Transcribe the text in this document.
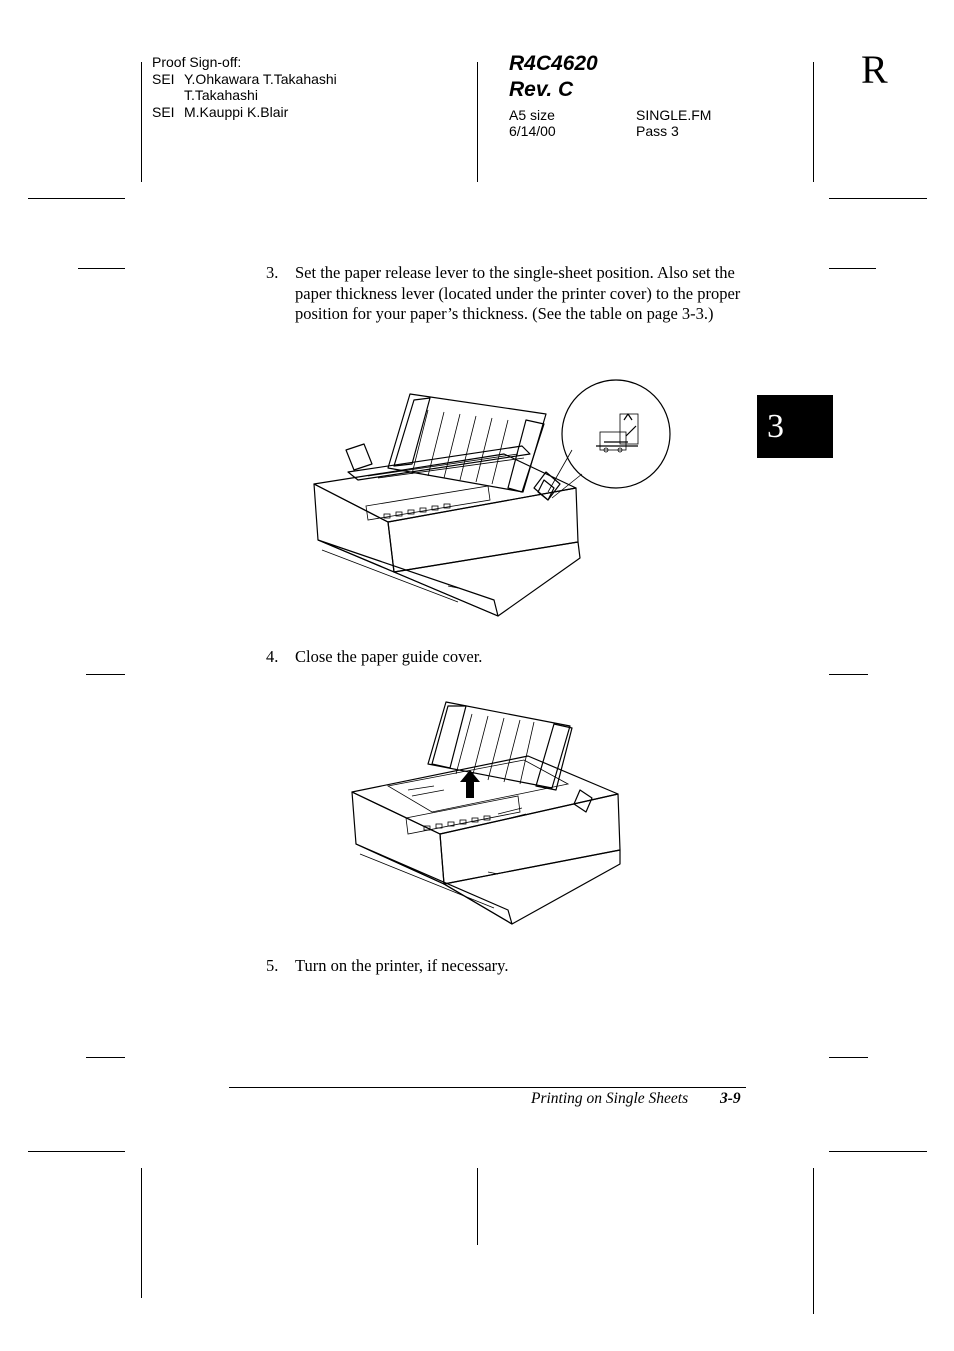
Proof Sign-off:
SEI Y.Ohkawara T.Takahashi
T.Takahashi
SEI M.Kauppi K.Blair
R4C4620
Rev. C
A5 size
6/14/00
SINGLE.FM
Pass 3
R
3
3. Set the paper release lever to the single-sheet position. Also set the paper thickness lever (located under the printer cover) to the proper position for your paper’s thickness. (See the table on page 3-3.)
4. Close the paper guide cover.
5. Turn on the printer, if necessary.
Printing on Single Sheets 3-9
